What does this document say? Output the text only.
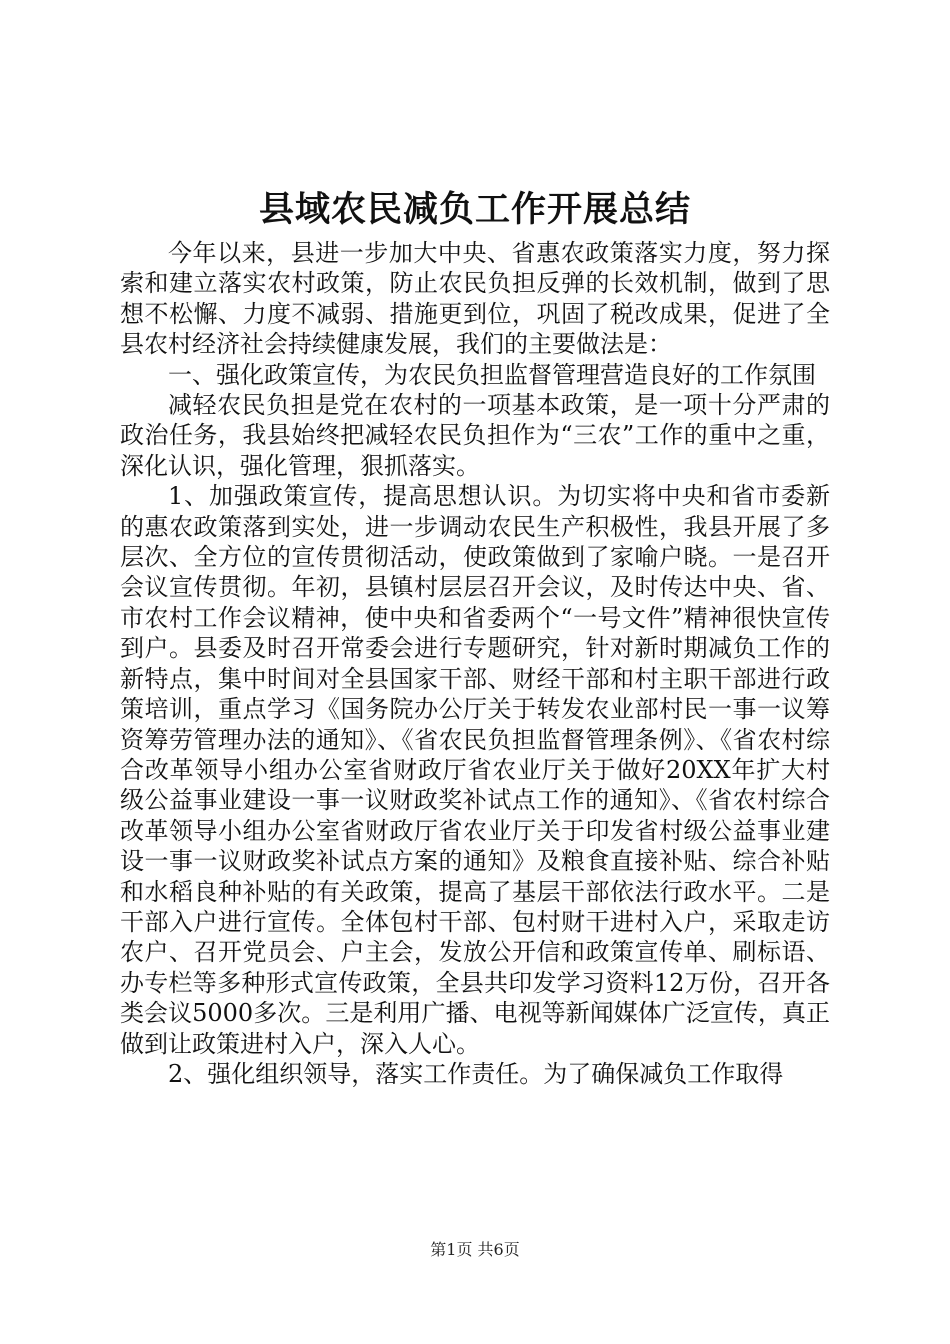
县域农民减负工作开展总结

今年以来，县进一步加大中央、省惠农政策落实力度，努力探索和建立落实农村政策，防止农民负担反弹的长效机制，做到了思想不松懈、力度不减弱、措施更到位，巩固了税改成果，促进了全县农村经济社会持续健康发展，我们的主要做法是：

一、强化政策宣传，为农民负担监督管理营造良好的工作氛围

减轻农民负担是党在农村的一项基本政策，是一项十分严肃的政治任务，我县始终把减轻农民负担作为“三农”工作的重中之重，深化认识，强化管理，狠抓落实。

1、加强政策宣传，提高思想认识。为切实将中央和省市委新的惠农政策落到实处，进一步调动农民生产积极性，我县开展了多层次、全方位的宣传贯彻活动，使政策做到了家喻户晓。一是召开会议宣传贯彻。年初，县镇村层层召开会议，及时传达中央、省、市农村工作会议精神，使中央和省委两个“一号文件”精神很快宣传到户。县委及时召开常委会进行专题研究，针对新时期减负工作的新特点，集中时间对全县国家干部、财经干部和村主职干部进行政策培训，重点学习《国务院办公厅关于转发农业部村民一事一议筹资筹劳管理办法的通知》、《省农民负担监督管理条例》、《省农村综合改革领导小组办公室省财政厅省农业厅关于做好20XX年扩大村级公益事业建设一事一议财政奖补试点工作的通知》、《省农村综合改革领导小组办公室省财政厅省农业厅关于印发省村级公益事业建设一事一议财政奖补试点方案的通知》及粮食直接补贴、综合补贴和水稻良种补贴的有关政策，提高了基层干部依法行政水平。二是干部入户进行宣传。全体包村干部、包村财干进村入户，采取走访农户、召开党员会、户主会，发放公开信和政策宣传单、刷标语、办专栏等多种形式宣传政策，全县共印发学习资料12万份，召开各类会议5000多次。三是利用广播、电视等新闻媒体广泛宣传，真正做到让政策进村入户，深入人心。

2、强化组织领导，落实工作责任。为了确保减负工作取得

第1页 共6页
